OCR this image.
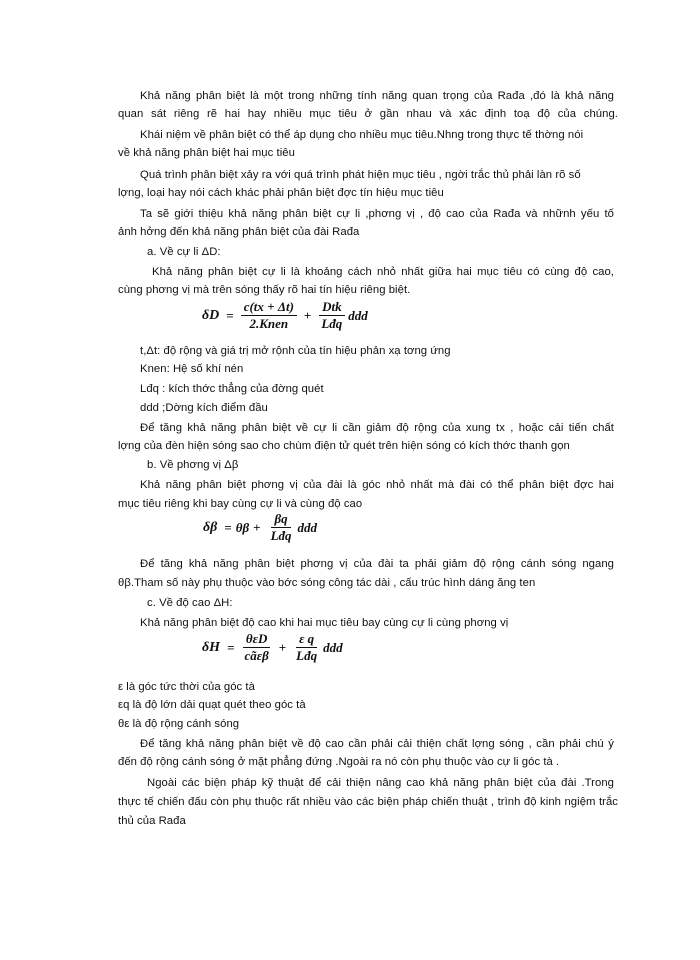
Khả năng phân biệt là một trong những tính năng quan trọng của Rađa ,đó là khả năng
quan sát riêng rẽ hai hay nhiều mục tiêu ở gần nhau và xác định toạ độ của chúng.
Khái niệm về phân biệt có thể áp dụng cho nhiều mục tiêu.Nhng trong thực tế thờng nói
về khả năng phân biệt hai mục tiêu
Quá trình phân biệt xảy ra với quá trình phát hiện mục tiêu , ngời trắc thủ phải làn rõ số
lợng, loại hay nói cách khác phải phân biệt đợc tín hiệu mục tiêu
Ta sẽ giới thiệu khả năng phân biệt cự li ,phơng vị , độ cao của Rađa và nhữnh yếu tố
ảnh hởng đến khả năng phân biệt của đài Rađa
a. Về cự li ΔD:
Khả năng phân biệt cự li là khoảng cách nhỏ nhất giữa hai mục tiêu có cùng độ cao,
cùng phơng vị mà trên sóng thấy rõ hai tín hiệu riêng biệt.
$\delta D = \frac{c(tx + \Delta t)}{\text{2.Knen}} + \frac{\text{Dtk}}{\text{Lđq}}$ ddd
t,Δt: độ rộng và giá trị mở rộnh của tín hiệu phản xạ tơng ứng
Knen: Hệ số khí nén
Lđq : kích thớc thẳng của đờng quét
ddd ;Dờng kích điểm đầu
Để tăng khả năng phân biệt về cự li cần giảm độ rộng của xung tx , hoặc cải tiến chất
lợng của đèn hiện sóng sao cho chùm điện tử quét trên hiện sóng có kích thớc thanh gọn
b. Về phơng vị Δβ
Khả năng phân biệt phơng vị của đài là góc nhỏ nhất mà đài có thể phân biệt đợc hai
mục tiêu riêng khi bay cùng cự li và cùng độ cao
$\delta\beta = \theta\beta + \frac{\beta q}{\text{Lđq}}$ ddd
Để tăng khả năng phân biệt phơng vị của đài ta phải giảm độ rộng cánh sóng ngang
θβ.Tham số này phụ thuộc vào bớc sóng công tác dài , cấu trúc hình dáng ăng ten
c. Về độ cao ΔH:
Khả năng phân biệt độ cao khi hai mục tiêu bay cùng cự li cùng phơng vị
$\delta H = \frac{\text{θεD}}{\text{cãεβ}} + \frac{\text{ε q}}{\text{Lđq}}$ ddd
ε là góc tức thời của góc tà
εq là độ lớn dải quạt quét theo góc tà
θε là độ rộng cánh sóng
Để tăng khả năng phân biệt về độ cao cần phải cải thiện chất lợng sóng , cần phải chú ý
đến độ rộng cánh sóng ở mặt phẳng đứng .Ngoài ra nó còn phụ thuộc vào cự li góc tà .
Ngoài các biện pháp kỹ thuật để cải thiện nâng cao khả năng phân biệt của đài .Trong
thực tế chiến đấu còn phụ thuộc rất nhiều vào các biện pháp chiến thuật , trình độ kinh ngiệm trắc
thủ của Rađa
